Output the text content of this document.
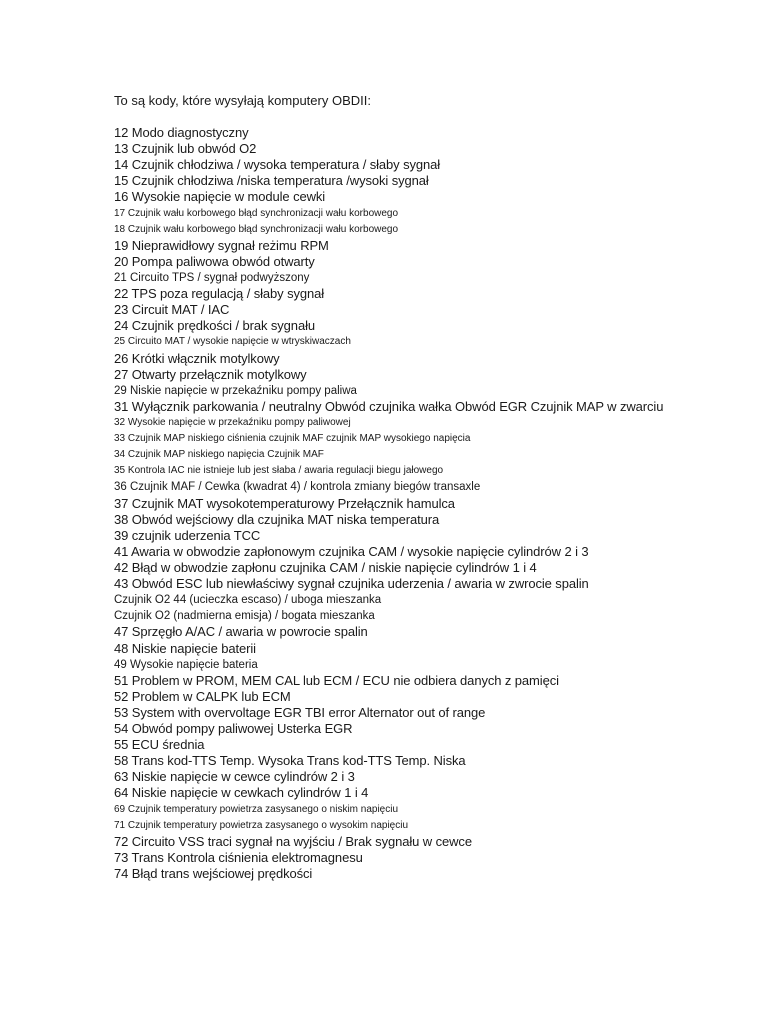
To są kody, które wysyłają komputery OBDII:

12 Modo diagnostyczny
13 Czujnik lub obwód O2
14 Czujnik chłodziwa / wysoka temperatura / słaby sygnał
15 Czujnik chłodziwa /niska temperatura /wysoki sygnał
16 Wysokie napięcie w module cewki
17 Czujnik wału korbowego błąd synchronizacji wału korbowego
18 Czujnik wału korbowego błąd synchronizacji wału korbowego
19 Nieprawidłowy sygnał reżimu RPM
20 Pompa paliwowa obwód otwarty
21 Circuito TPS / sygnał podwyższony
22 TPS poza regulacją / słaby sygnał
23 Circuit MAT / IAC
24 Czujnik prędkości / brak sygnału
25 Circuito MAT / wysokie napięcie w wtryskiwaczach
26 Krótki włącznik motylkowy
27 Otwarty przełącznik motylkowy
29 Niskie napięcie w przekaźniku pompy paliwa
31 Wyłącznik parkowania / neutralny Obwód czujnika wałka Obwód EGR Czujnik MAP w zwarciu
32 Wysokie napięcie w przekaźniku pompy paliwowej
33 Czujnik MAP niskiego ciśnienia czujnik MAF czujnik MAP wysokiego napięcia
34 Czujnik MAP niskiego napięcia Czujnik MAF
35 Kontrola IAC nie istnieje lub jest słaba / awaria regulacji biegu jałowego
36 Czujnik MAF / Cewka (kwadrat 4) / kontrola zmiany biegów transaxle
37 Czujnik MAT wysokotemperaturowy Przełącznik hamulca
38 Obwód wejściowy dla czujnika MAT niska temperatura
39 czujnik uderzenia TCC
41 Awaria w obwodzie zapłonowym czujnika CAM / wysokie napięcie cylindrów 2 i 3
42 Błąd w obwodzie zapłonu czujnika CAM / niskie napięcie cylindrów 1 i 4
43 Obwód ESC lub niewłaściwy sygnał czujnika uderzenia / awaria w zwrocie spalin
Czujnik O2 44 (ucieczka escaso) / uboga mieszanka
Czujnik O2 (nadmierna emisja) / bogata mieszanka
47 Sprzęgło A/AC / awaria w powrocie spalin
48 Niskie napięcie baterii
49 Wysokie napięcie bateria
51 Problem w PROM, MEM CAL lub ECM / ECU nie odbiera danych z pamięci
52 Problem w CALPK lub ECM
53 System with overvoltage EGR TBI error Alternator out of range
54 Obwód pompy paliwowej Usterka EGR
55 ECU średnia
58 Trans kod-TTS Temp. Wysoka Trans kod-TTS Temp. Niska
63 Niskie napięcie w cewce cylindrów 2 i 3
64 Niskie napięcie w cewkach cylindrów 1 i 4
69 Czujnik temperatury powietrza zasysanego o niskim napięciu
71 Czujnik temperatury powietrza zasysanego o wysokim napięciu
72 Circuito VSS traci sygnał na wyjściu / Brak sygnału w cewce
73 Trans Kontrola ciśnienia elektromagnesu
74 Błąd trans wejściowej prędkości
